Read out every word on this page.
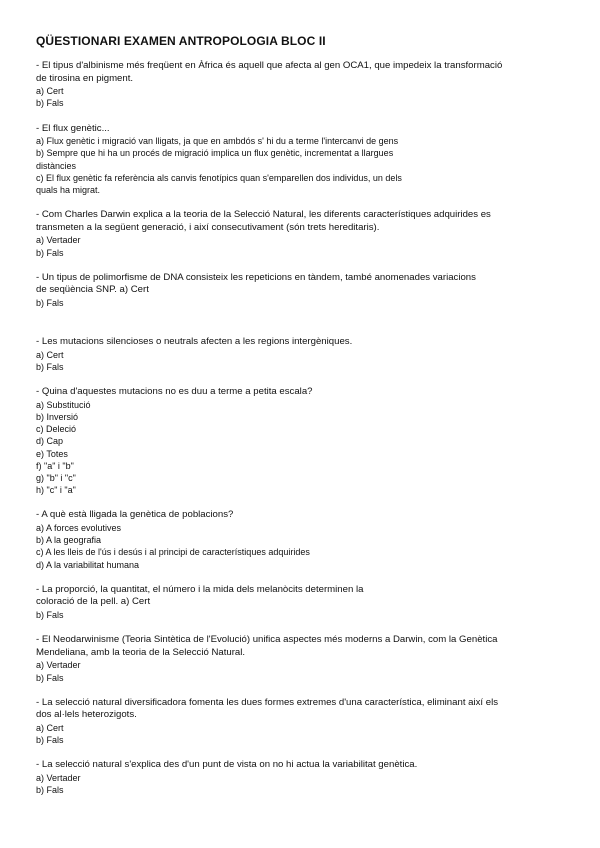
QÜESTIONARI EXAMEN ANTROPOLOGIA BLOC II

- El tipus d'albinisme més freqüent en Àfrica és aquell que afecta al gen OCA1, que impedeix la transformació

de tirosina en pigment.

a) Cert

b) Fals

- El flux genètic...

a) Flux genètic i migració van lligats, ja que en ambdós s' hi du a terme l'intercanvi de gens

b) Sempre que hi ha un procés de migració implica un flux genètic, incrementat a llargues

distàncies

c) El flux genètic fa referència als canvis fenotípics quan s'emparellen dos individus, un dels

quals ha migrat.

- Com Charles Darwin explica a la teoria de la Selecció Natural, les diferents característiques adquirides es

transmeten a la següent generació, i així consecutivament (són trets hereditaris).

a) Vertader

b) Fals

- Un tipus de polimorfisme de DNA consisteix les repeticions en tàndem, també anomenades variacions

de seqüència SNP. a) Cert

b) Fals

- Les mutacions silencioses o neutrals afecten a les regions intergèniques.

a) Cert

b) Fals

- Quina d'aquestes mutacions no es duu a terme a petita escala?

a) Substitució

b) Inversió

c) Deleció

d) Cap

e) Totes

f) "a" i "b"

g) "b" i "c"

h) "c" i "a"

- A què està lligada la genètica de poblacions?

a) A forces evolutives

b) A la geografia

c) A les lleis de l'ús i desús i al principi de característiques adquirides

d) A la variabilitat humana

- La proporció, la quantitat, el número i la mida dels melanòcits determinen la

coloració de la pell. a) Cert

b) Fals

- El Neodarwinisme (Teoria Sintètica de l'Evolució) unifica aspectes més moderns a Darwin, com la Genètica

Mendeliana, amb la teoria de la Selecció Natural.

a) Vertader

b) Fals

- La selecció natural diversificadora fomenta les dues formes extremes d'una característica, eliminant així els

dos al·lels heterozigots.

a) Cert

b) Fals

- La selecció natural s'explica des d'un punt de vista on no hi actua la variabilitat genètica.

a) Vertader

b) Fals
